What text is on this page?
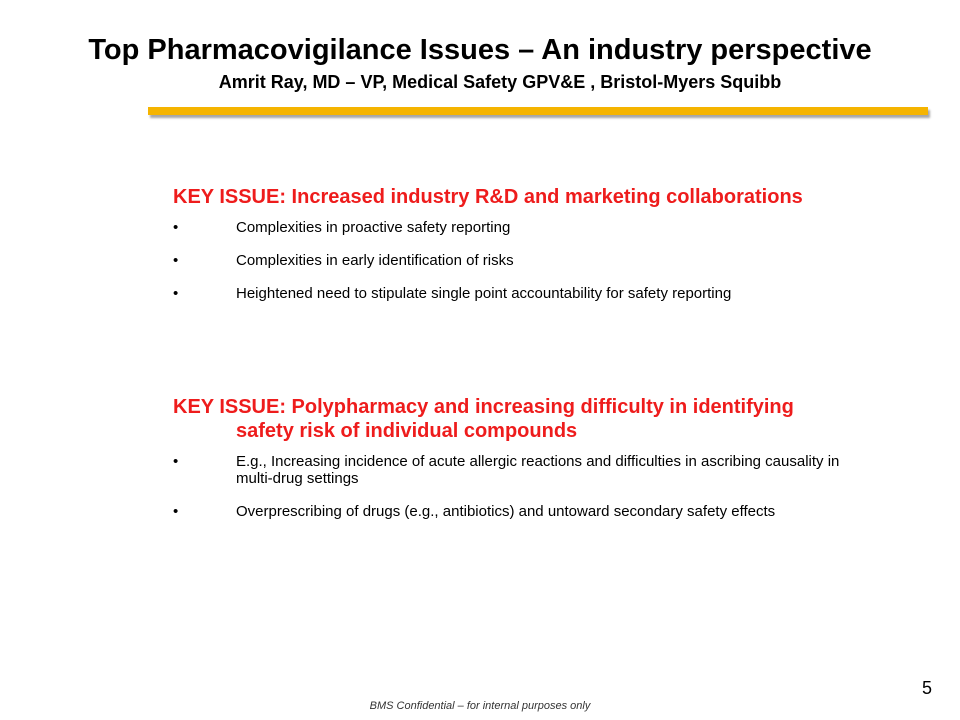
Top Pharmacovigilance Issues – An industry perspective
Amrit Ray, MD – VP, Medical Safety GPV&E , Bristol-Myers Squibb
KEY ISSUE: Increased industry R&D and marketing collaborations
•	Complexities in proactive safety reporting
•	Complexities in early identification of risks
•	Heightened need to stipulate single point accountability for safety reporting
KEY ISSUE: Polypharmacy and increasing difficulty in identifying safety risk of individual compounds
•	E.g., Increasing incidence of acute allergic reactions and difficulties in ascribing causality in multi-drug settings
•	Overprescribing of drugs (e.g., antibiotics) and untoward secondary safety effects
5
BMS Confidential – for internal purposes only
